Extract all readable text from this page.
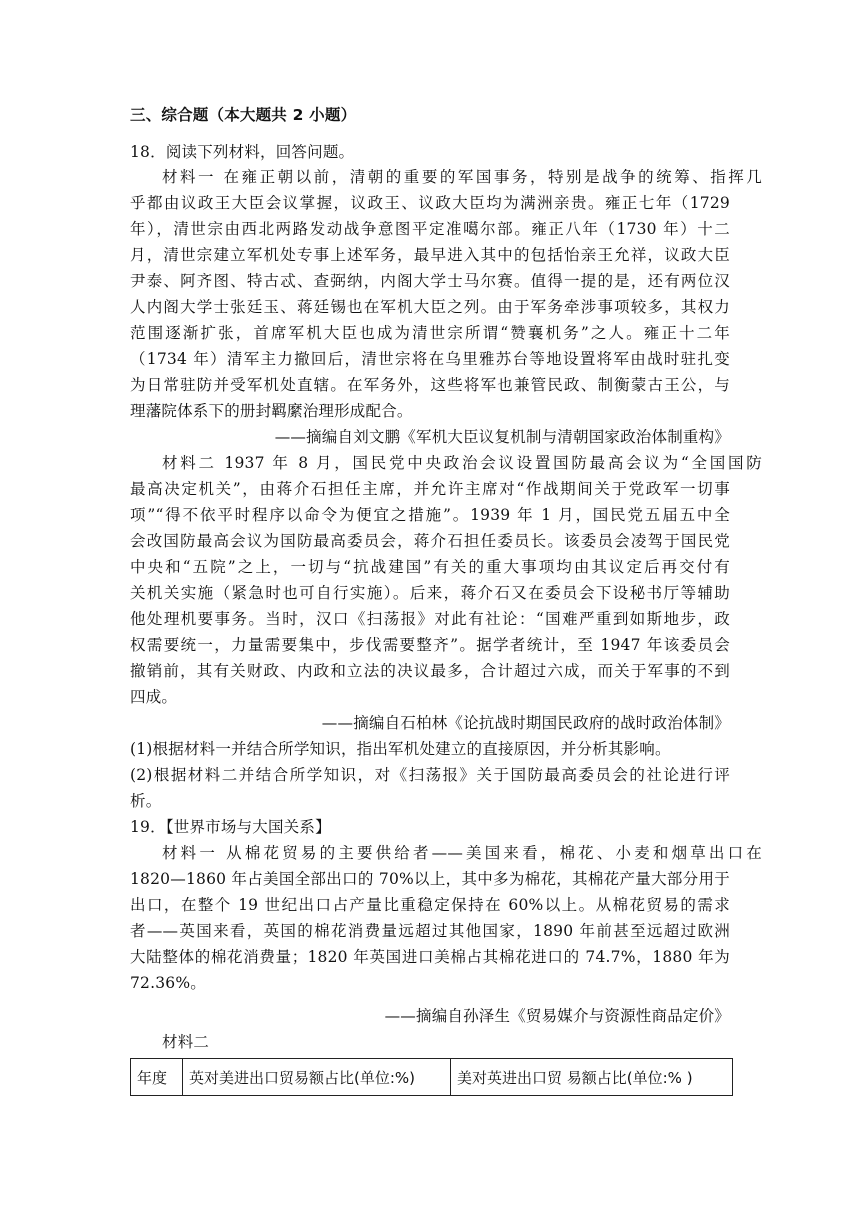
三、综合题（本大题共 2 小题）
18．阅读下列材料，回答问题。
材料一 在雍正朝以前，清朝的重要的军国事务，特别是战争的统筹、指挥几
乎都由议政王大臣会议掌握，议政王、议政大臣均为满洲亲贵。雍正七年（1729
年），清世宗由西北两路发动战争意图平定准噶尔部。雍正八年（1730 年）十二
月，清世宗建立军机处专事上述军务，最早进入其中的包括怡亲王允祥，议政大臣
尹泰、阿齐图、特古忒、查弼纳，内阁大学士马尔赛。值得一提的是，还有两位汉
人内阁大学士张廷玉、蒋廷锡也在军机大臣之列。由于军务牵涉事项较多，其权力
范围逐渐扩张，首席军机大臣也成为清世宗所谓“赞襄机务”之人。雍正十二年
（1734 年）清军主力撤回后，清世宗将在乌里雅苏台等地设置将军由战时驻扎变
为日常驻防并受军机处直辖。在军务外，这些将军也兼管民政、制衡蒙古王公，与
理藩院体系下的册封羁縻治理形成配合。
——摘编自刘文鹏《军机大臣议复机制与清朝国家政治体制重构》
材料二 1937 年 8 月，国民党中央政治会议设置国防最高会议为“全国国防
最高决定机关”，由蒋介石担任主席，并允许主席对“作战期间关于党政军一切事
项”“得不依平时程序以命令为便宜之措施”。1939 年 1 月，国民党五届五中全
会改国防最高会议为国防最高委员会，蒋介石担任委员长。该委员会凌驾于国民党
中央和“五院”之上，一切与“抗战建国”有关的重大事项均由其议定后再交付有
关机关实施（紧急时也可自行实施）。后来，蒋介石又在委员会下设秘书厅等辅助
他处理机要事务。当时，汉口《扫荡报》对此有社论：“国难严重到如斯地步，政
权需要统一，力量需要集中，步伐需要整齐”。据学者统计，至 1947 年该委员会
撤销前，其有关财政、内政和立法的决议最多，合计超过六成，而关于军事的不到
四成。
——摘编自石柏林《论抗战时期国民政府的战时政治体制》
(1)根据材料一并结合所学知识，指出军机处建立的直接原因，并分析其影响。
(2)根据材料二并结合所学知识，对《扫荡报》关于国防最高委员会的社论进行评
析。
19．【世界市场与大国关系】
材料一 从棉花贸易的主要供给者——美国来看，棉花、小麦和烟草出口在
1820—1860 年占美国全部出口的 70%以上，其中多为棉花，其棉花产量大部分用于
出口，在整个 19 世纪出口占产量比重稳定保持在 60%以上。从棉花贸易的需求
者——英国来看，英国的棉花消费量远超过其他国家，1890 年前甚至远超过欧洲
大陆整体的棉花消费量；1820 年英国进口美棉占其棉花进口的 74.7%，1880 年为
72.36%。
——摘编自孙泽生《贸易媒介与资源性商品定价》
材料二
年度	英对美进出口贸易额占比(单位:%)	美对英进出口贸 易额占比(单位:% )
